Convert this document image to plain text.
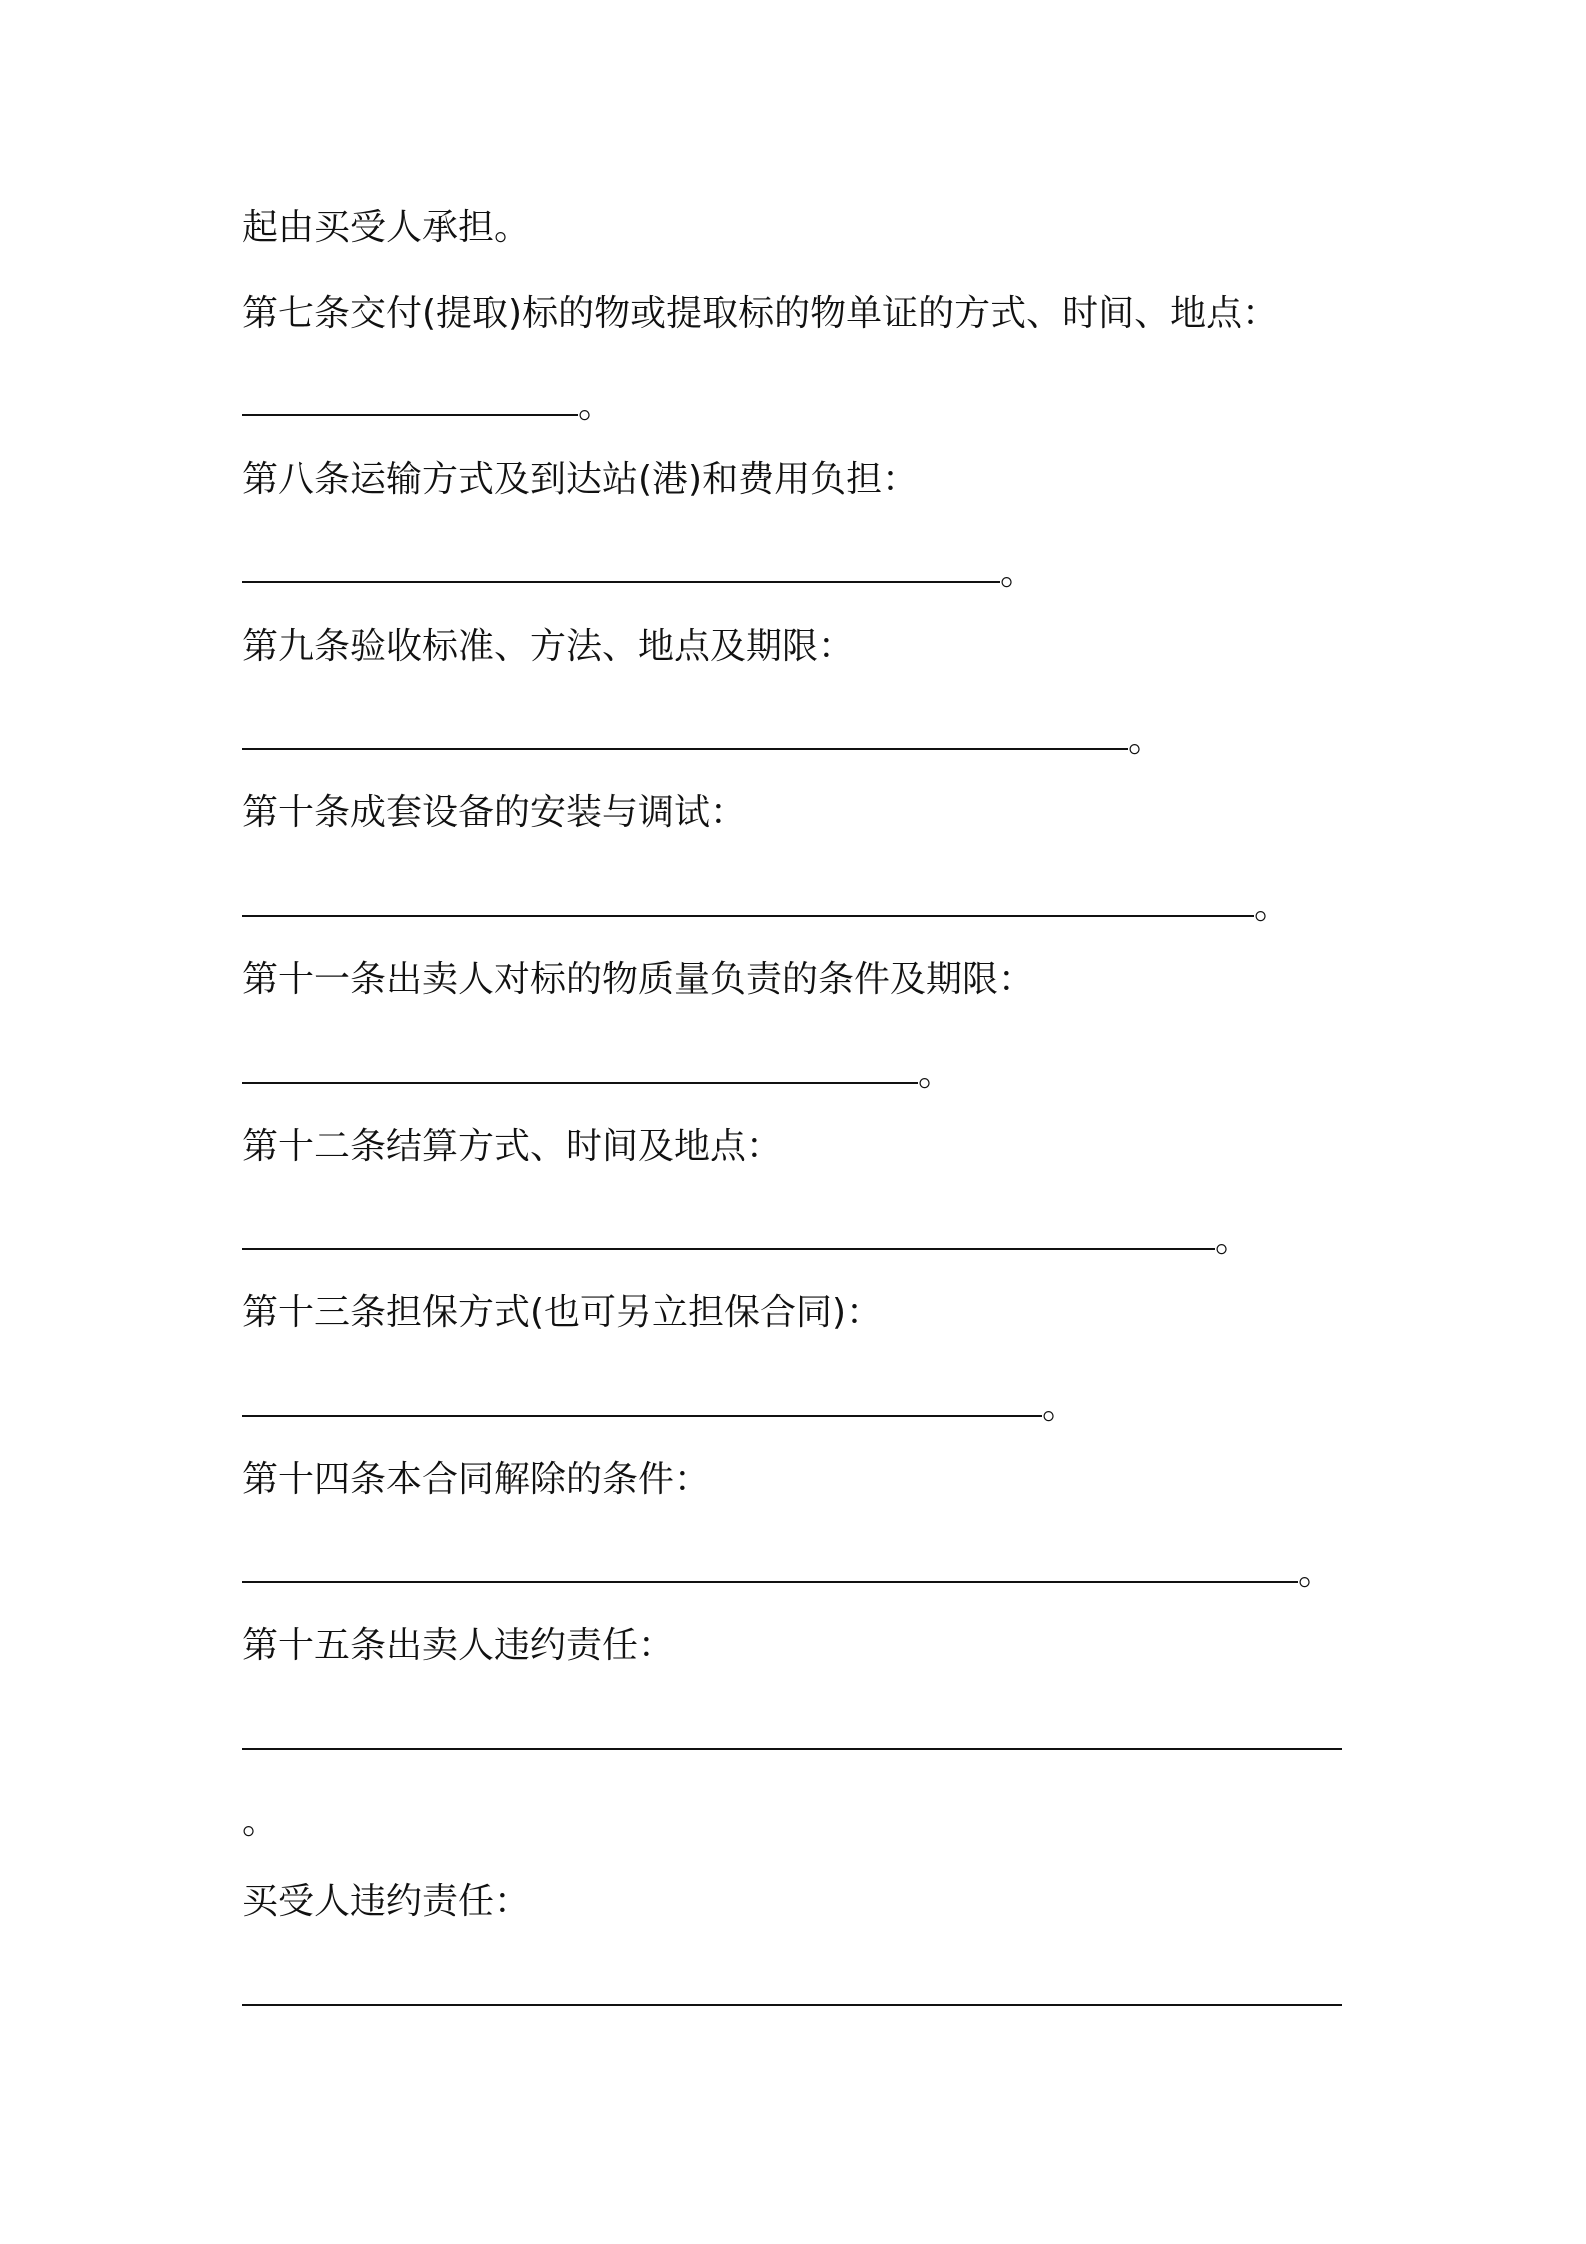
起由买受人承担。
第七条交付(提取)标的物或提取标的物单证的方式、时间、地点：
。
第八条运输方式及到达站(港)和费用负担：
。
第九条验收标准、方法、地点及期限：
。
第十条成套设备的安装与调试：
。
第十一条出卖人对标的物质量负责的条件及期限：
。
第十二条结算方式、时间及地点：
。
第十三条担保方式(也可另立担保合同)：
。
第十四条本合同解除的条件：
。
第十五条出卖人违约责任：
。
买受人违约责任：
